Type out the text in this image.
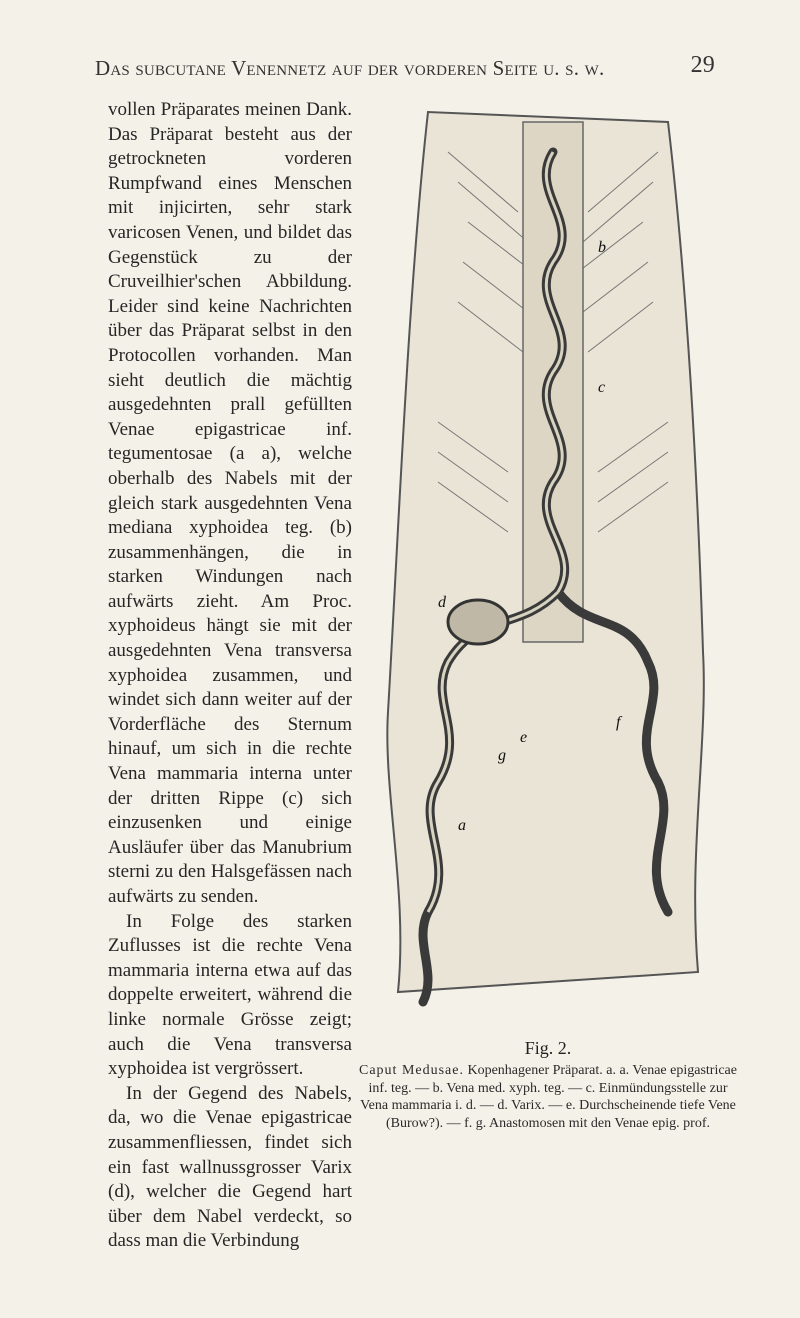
Das subcutane Venennetz auf der vorderen Seite u. s. w.	29

vollen Präparates meinen Dank. Das Präparat besteht aus der getrockneten vorderen Rumpfwand eines Menschen mit injicirten, sehr stark varicosen Venen, und bildet das Gegenstück zu der Cruveilhier'schen Abbildung. Leider sind keine Nachrichten über das Präparat selbst in den Protocollen vorhanden. Man sieht deutlich die mächtig ausgedehnten prall gefüllten Venae epigastricae inf. tegumentosae (a a), welche oberhalb des Nabels mit der gleich stark ausgedehnten Vena mediana xyphoidea teg. (b) zusammenhängen, die in starken Windungen nach aufwärts zieht. Am Proc. xyphoideus hängt sie mit der ausgedehnten Vena transversa xyphoidea zusammen, und windet sich dann weiter auf der Vorderfläche des Sternum hinauf, um sich in die rechte Vena mammaria interna unter der dritten Rippe (c) sich einzusenken und einige Ausläufer über das Manubrium sterni zu den Halsgefässen nach aufwärts zu senden.

In Folge des starken Zuflusses ist die rechte Vena mammaria interna etwa auf das doppelte erweitert, während die linke normale Grösse zeigt; auch die Vena transversa xyphoidea ist vergrössert.

In der Gegend des Nabels, da, wo die Venae epigastricae zusammenfliessen, findet sich ein fast wallnussgrosser Varix (d), welcher die Gegend hart über dem Nabel verdeckt, so dass man die Verbindung

b
c
d
e
f
g
a
Fig. 2.
Caput Medusae. Kopenhagener Präparat. a. a. Venae epigastricae inf. teg. — b. Vena med. xyph. teg. — c. Einmündungsstelle zur Vena mammaria i. d. — d. Varix. — e. Durchscheinende tiefe Vene (Burow?). — f. g. Anastomosen mit den Venae epig. prof.
